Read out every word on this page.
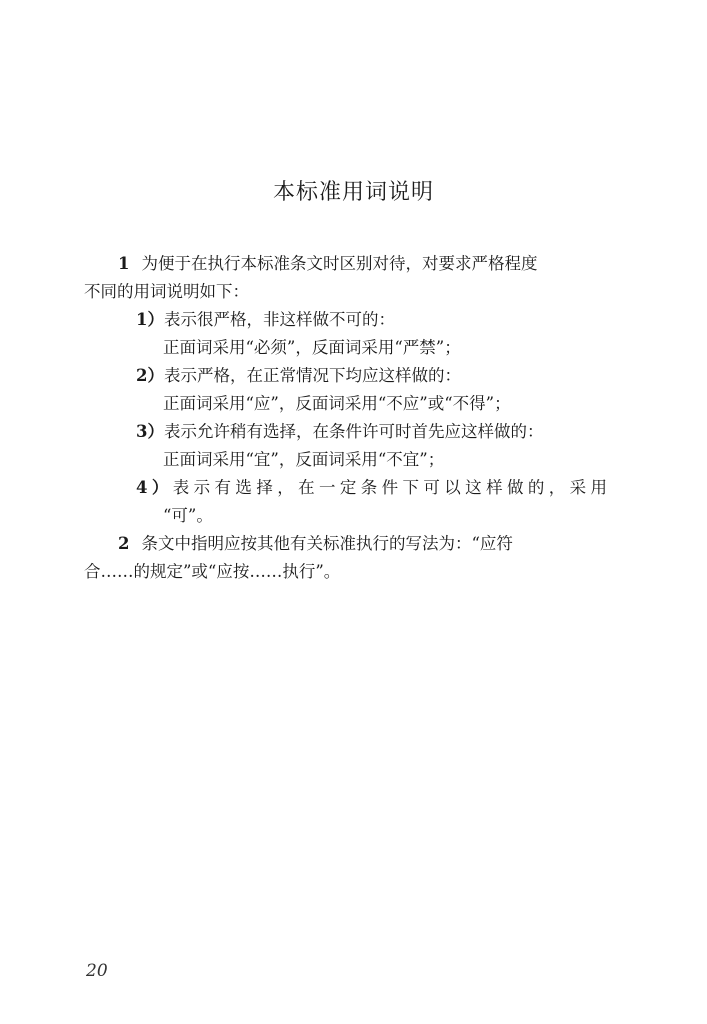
本标准用词说明
1 为便于在执行本标准条文时区别对待，对要求严格程度
不同的用词说明如下：
1）表示很严格，非这样做不可的：
正面词采用“必须”，反面词采用“严禁”；
2）表示严格，在正常情况下均应这样做的：
正面词采用“应”，反面词采用“不应”或“不得”；
3）表示允许稍有选择，在条件许可时首先应这样做的：
正面词采用“宜”，反面词采用“不宜”；
4）表示有选择，在一定条件下可以这样做的，采用
“可”。
2 条文中指明应按其他有关标准执行的写法为：“应符
合……的规定”或“应按……执行”。
20
